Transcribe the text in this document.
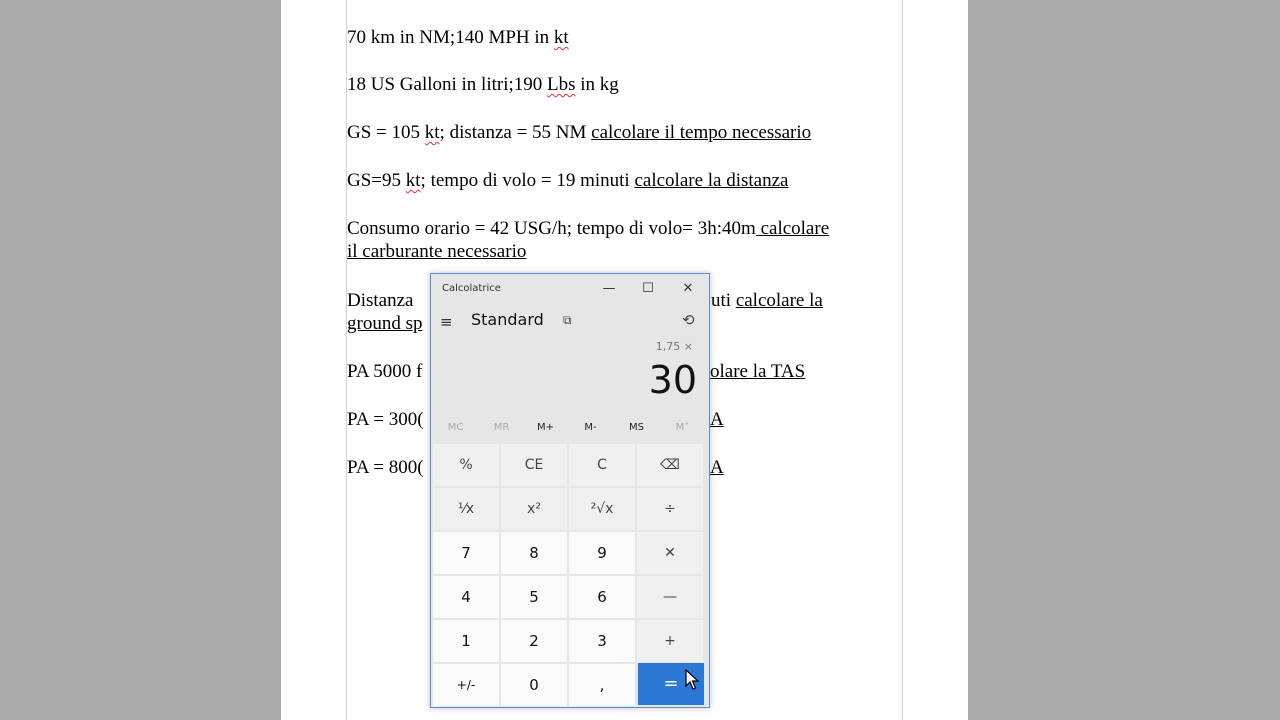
70 km in NM;140 MPH in kt
18 US Galloni in litri;190 Lbs in kg
GS = 105 kt; distanza = 55 NM calcolare il tempo necessario
GS=95 kt; tempo di volo = 19 minuti calcolare la distanza
Consumo orario = 42 USG/h; tempo di volo= 3h:40m calcolare
il carburante necessario
Distanza	uti calcolare la
ground sp
PA 5000 f	olare la TAS
PA = 300(	A
PA = 800(	A
Calcolatrice	—	☐	✕
≡ Standard ⧉	⟲
1,75 ×
30
MC	MR	M+	M-	MS	M˅
%	CE	C	⌫
⅟x	x²	²√x	÷
7	8	9	✕
4	5	6	—
1	2	3	+
+/-	0	,	=
